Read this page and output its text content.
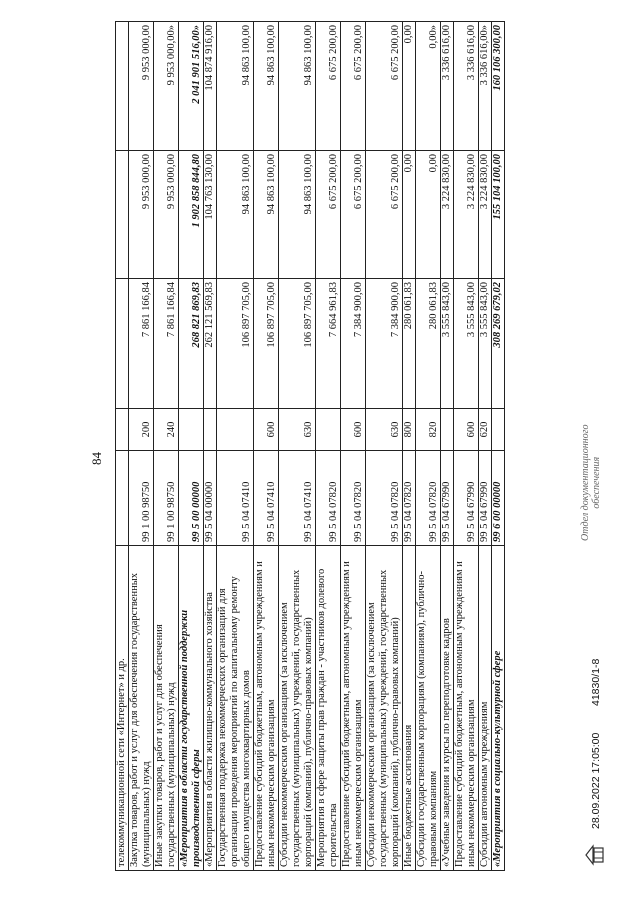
84
телекоммуникационной сети «Интернет» и др.					
Закупка товаров, работ и услуг для обеспечения государственных (муниципальных) нужд	99 1 00 98750	200	7 861 166,84	9 953 000,00	9 953 000,00
Иные закупки товаров, работ и услуг для обеспечения государственных (муниципальных) нужд	99 1 00 98750	240	7 861 166,84	9 953 000,00	9 953 000,00»
«Мероприятия в области государственной поддержки производственной сферы	99 5 00 00000		268 821 869,83	1 902 858 844,80	2 041 901 516,00»
«Мероприятия в области жилищно-коммунального хозяйства	99 5 04 00000		262 121 569,83	104 763 130,00	104 874 916,00
Государственная поддержка некоммерческих организаций для организации проведения мероприятий по капитальному ремонту общего имущества многоквартирных домов	99 5 04 07410		106 897 705,00	94 863 100,00	94 863 100,00
Предоставление субсидий бюджетным, автономным учреждениям и иным некоммерческим организациям	99 5 04 07410	600	106 897 705,00	94 863 100,00	94 863 100,00
Субсидии некоммерческим организациям (за исключением государственных (муниципальных) учреждений, государственных корпораций (компаний), публично-правовых компаний)	99 5 04 07410	630	106 897 705,00	94 863 100,00	94 863 100,00
Мероприятия в сфере защиты прав граждан - участников долевого строительства	99 5 04 07820		7 664 961,83	6 675 200,00	6 675 200,00
Предоставление субсидий бюджетным, автономным учреждениям и иным некоммерческим организациям	99 5 04 07820	600	7 384 900,00	6 675 200,00	6 675 200,00
Субсидии некоммерческим организациям (за исключением государственных (муниципальных) учреждений, государственных корпораций (компаний), публично-правовых компаний)	99 5 04 07820	630	7 384 900,00	6 675 200,00	6 675 200,00
Иные бюджетные ассигнования	99 5 04 07820	800	280 061,83	0,00	0,00
Субсидии государственным корпорациям (компаниям), публично-правовым компаниям	99 5 04 07820	820	280 061,83	0,00	0,00»
«Учебные заведения и курсы по переподготовке кадров	99 5 04 67990		3 555 843,00	3 224 830,00	3 336 616,00
Предоставление субсидий бюджетным, автономным учреждениям и иным некоммерческим организациям	99 5 04 67990	600	3 555 843,00	3 224 830,00	3 336 616,00
Субсидии автономным учреждениям	99 5 04 67990	620	3 555 843,00	3 224 830,00	3 336 616,00»
«Мероприятия в социально-культурной сфере	99 6 00 00000		308 269 679,02	155 104 100,00	160 106 300,00
28.09.2022 17:05:00
41830/1-8
Отдел документационного обеспечения
